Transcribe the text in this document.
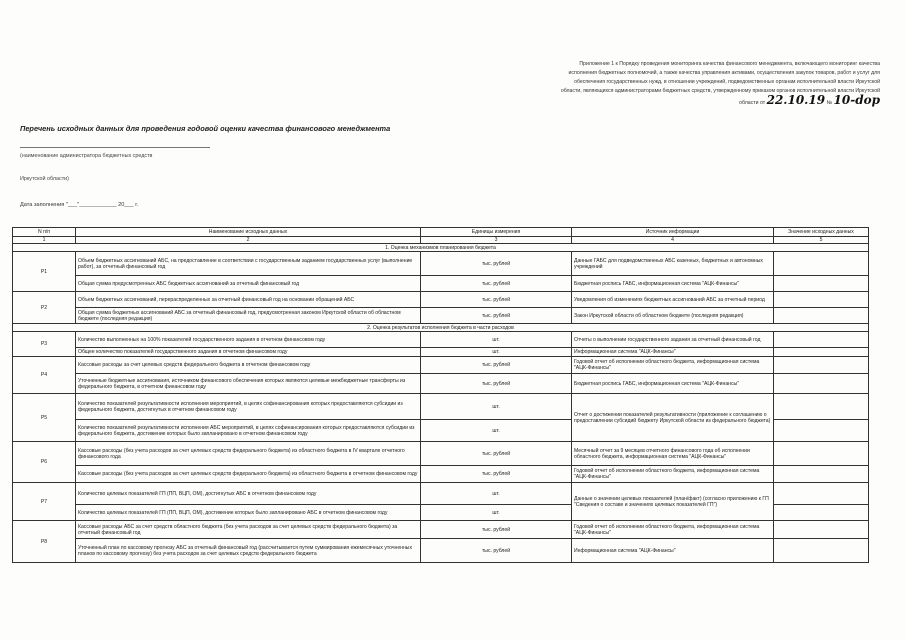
Приложение 1 к Порядку проведения мониторинга качества финансового менеджмента, включающего мониторинг качества исполнения бюджетных полномочий, а также качества управления активами, осуществления закупок товаров, работ и услуг для обеспечения государственных нужд, в отношении учреждений, подведомственных органам исполнительной власти Иркутской области, являющихся администраторами бюджетных средств, утвержденному приказом органов исполнительной власти Иркутской области от 22.10.19 № 10-dop
Перечень исходных данных для проведения годовой оценки качества финансового менеджмента
(наименование администратора бюджетных средств
Иркутской области)
Дата заполнения "___"____________ 20___ г.
N п/п	Наименование исходных данных	Единицы измерения	Источник информации	Значение исходных данных
1	2	3	4	5
1. Оценка механизмов планирования бюджета				
P1	Объем бюджетных ассигнований АБС, на предоставление в соответствии с государственным заданием государственных услуг (выполнение работ), за отчетный финансовый год	тыс. рублей	Данные ГАБС для подведомственных АБС казенных, бюджетных и автономных учреждений	
	Общая сумма предусмотренных АБС бюджетных ассигнований за отчетный финансовый год	тыс. рублей	Бюджетная роспись ГАБС, информационная система "АЦК-Финансы"	
P2	Объем бюджетных ассигнований, перераспределенных за отчетный финансовый год на основании обращений АБС	тыс. рублей	Уведомления об изменениях бюджетных ассигнований АБС за отчетный период	
	Общая сумма бюджетных ассигнований АБС за отчетный финансовый год, предусмотренная законом Иркутской области об областном бюджете (последняя редакция)	тыс. рублей	Закон Иркутской области об областном бюджете (последняя редакция)	
2. Оценка результатов исполнения бюджета в части расходов				
P3	Количество выполненных на 100% показателей государственного задания в отчетном финансовом году	шт.	Отчеты о выполнении государственного задания за отчетный финансовый год	
	Общее количество показателей государственного задания в отчетном финансовом году	шт.	Информационная система "АЦК-Финансы"	
P4	Кассовые расходы за счет целевых средств федерального бюджета в отчетном финансовом году	тыс. рублей	Годовой отчет об исполнении областного бюджета, информационная система "АЦК-Финансы"	
	Уточненные бюджетные ассигнования, источником финансового обеспечения которых являются целевые межбюджетные трансферты из федерального бюджета, в отчетном финансовом году	тыс. рублей	Бюджетная роспись ГАБС, информационная система "АЦК-Финансы"	
P5	Количество показателей результативности исполнения мероприятий, в целях софинансирования которых предоставляются субсидии из федерального бюджета, достигнутых в отчетном финансовом году	шт.	Отчет о достижении показателей результативности (приложение к соглашению о предоставлении субсидий бюджету Иркутской области из федерального бюджета)	
	Количество показателей результативности исполнения АБС мероприятий, в целях софинансирования которых предоставляются субсидии из федерального бюджета, достижение которых было запланировано в отчетном финансовом году	шт.		
P6	Кассовые расходы (без учета расходов за счет целевых средств федерального бюджета) из областного бюджета в IV квартале отчетного финансового года	тыс. рублей	Месячный отчет за 9 месяцев отчетного финансового года об исполнении областного бюджета, информационная система "АЦК-Финансы"	
	Кассовые расходы (без учета расходов за счет целевых средств федерального бюджета) из областного бюджета в отчетном финансовом году	тыс. рублей	Годовой отчет об исполнении областного бюджета, информационная система "АЦК-Финансы"	
P7	Количество целевых показателей ГП (ПП, ВЦП, ОМ), достигнутых АБС в отчетном финансовом году	шт.	Данные о значении целевых показателей (план/факт) (согласно приложению к ГП "Сведения о составе и значениях целевых показателей ГП")	
	Количество целевых показателей ГП (ПП, ВЦП, ОМ), достижение которых было запланировано АБС в отчетном финансовом году	шт.		
P8	Кассовые расходы АБС за счет средств областного бюджета (без учета расходов за счет целевых средств федерального бюджета) за отчетный финансовый год	тыс. рублей	Годовой отчет об исполнении областного бюджета, информационная система "АЦК-Финансы"	
	Уточненный план по кассовому прогнозу АБС за отчетный финансовый год (рассчитывается путем суммирования ежемесячных уточненных планов по кассовому прогнозу) без учета расходов за счет целевых средств федерального бюджета	тыс. рублей	Информационная система "АЦК-Финансы"	
